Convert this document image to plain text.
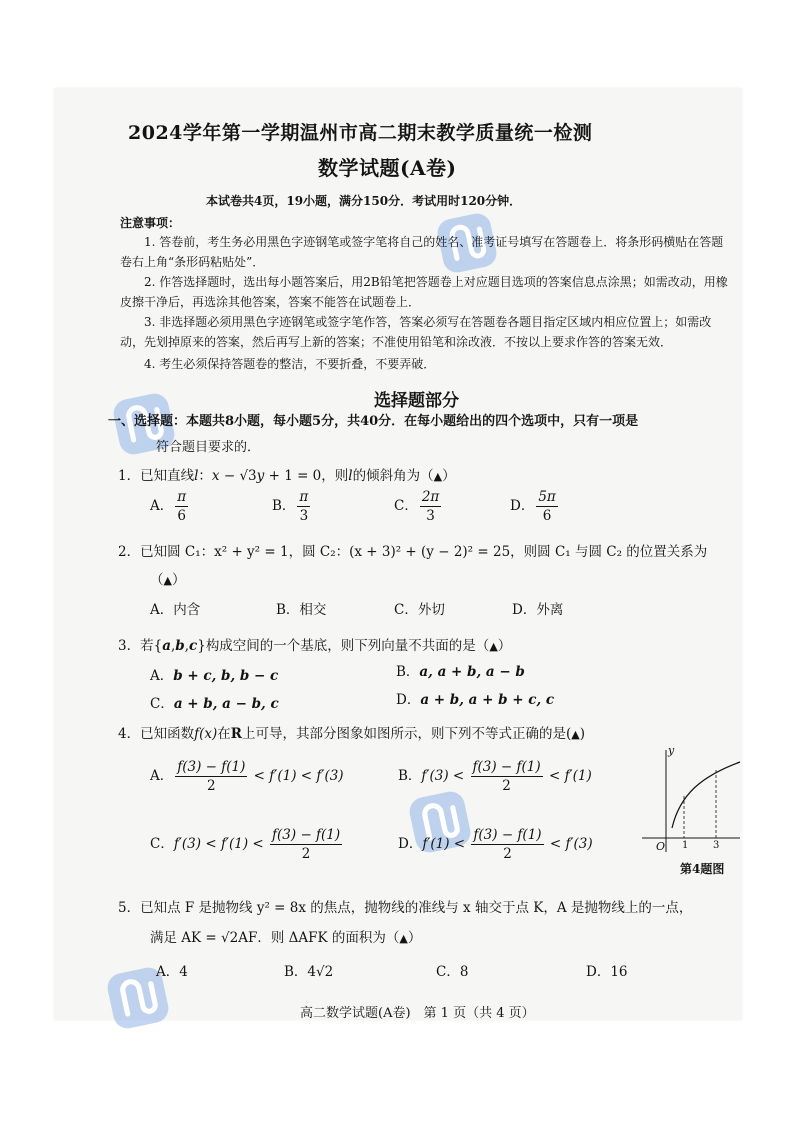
2024学年第一学期温州市高二期末教学质量统一检测
数学试题(A卷)
本试卷共4页，19小题，满分150分．考试用时120分钟．
注意事项：
1. 答卷前，考生务必用黑色字迹钢笔或签字笔将自己的姓名、准考证号填写在答题卷上．将条形码横贴在答题卷右上角“条形码粘贴处”．
2. 作答选择题时，选出每小题答案后，用2B铅笔把答题卷上对应题目选项的答案信息点涂黑；如需改动，用橡皮擦干净后，再选涂其他答案，答案不能答在试题卷上．
3. 非选择题必须用黑色字迹钢笔或签字笔作答，答案必须写在答题卷各题目指定区域内相应位置上；如需改动，先划掉原来的答案，然后再写上新的答案；不准使用铅笔和涂改液．不按以上要求作答的答案无效．
4. 考生必须保持答题卷的整洁，不要折叠，不要弄破．
选择题部分
一、选择题：本题共8小题，每小题5分，共40分．在每小题给出的四个选项中，只有一项是
符合题目要求的．
1．已知直线l：x − √3y + 1 = 0，则l的倾斜角为（▲）
A． $\frac{\pi}{6}$	B． $\frac{\pi}{3}$	C． $\frac{2\pi}{3}$	D． $\frac{5\pi}{6}$
2．已知圆 C₁：x² + y² = 1，圆 C₂：(x + 3)² + (y − 2)² = 25，则圆 C₁ 与圆 C₂ 的位置关系为
（▲）
A．内含	B．相交	C．外切	D．外离
3．若{a,b,c}构成空间的一个基底，则下列向量不共面的是（▲）
A．b + c, b, b − c	B．a, a + b, a − b
C．a + b, a − b, c	D．a + b, a + b + c, c
4．已知函数f(x)在R上可导，其部分图象如图所示，则下列不等式正确的是(▲)
A． $\frac{f(3) - f(1)}{2} < f'(1) < f'(3)$	B．$f'(3) < \frac{f(3) - f(1)}{2} < f'(1)$
C．$f'(3) < f'(1) < \frac{f(3) - f(1)}{2}$	D．$f'(1) < \frac{f(3) - f(1)}{2} < f'(3)$
y
O 1 3
第4题图
5．已知点 F 是抛物线 y² = 8x 的焦点，抛物线的准线与 x 轴交于点 K，A 是抛物线上的一点，
满足 AK = √2AF．则 ΔAFK 的面积为（▲）
A．4	B．4√2	C．8	D．16
高二数学试题(A卷)　第 1 页（共 4 页）
